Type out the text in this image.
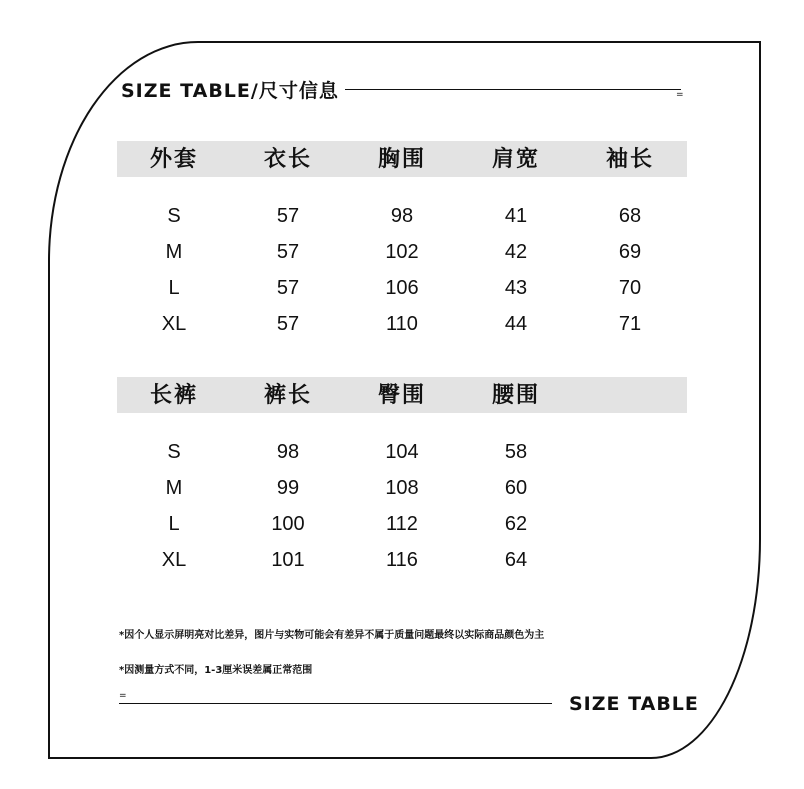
SIZE TABLE/尺寸信息	=
外套	衣长	胸围	肩宽	袖长
S	57	98	41	68
M	57	102	42	69
L	57	106	43	70
XL	57	110	44	71
长裤	裤长	臀围	腰围
S	98	104	58
M	99	108	60
L	100	112	62
XL	101	116	64
*因个人显示屏明亮对比差异，图片与实物可能会有差异不属于质量问题最终以实际商品颜色为主
*因测量方式不同，1-3厘米误差属正常范围
=	SIZE TABLE
